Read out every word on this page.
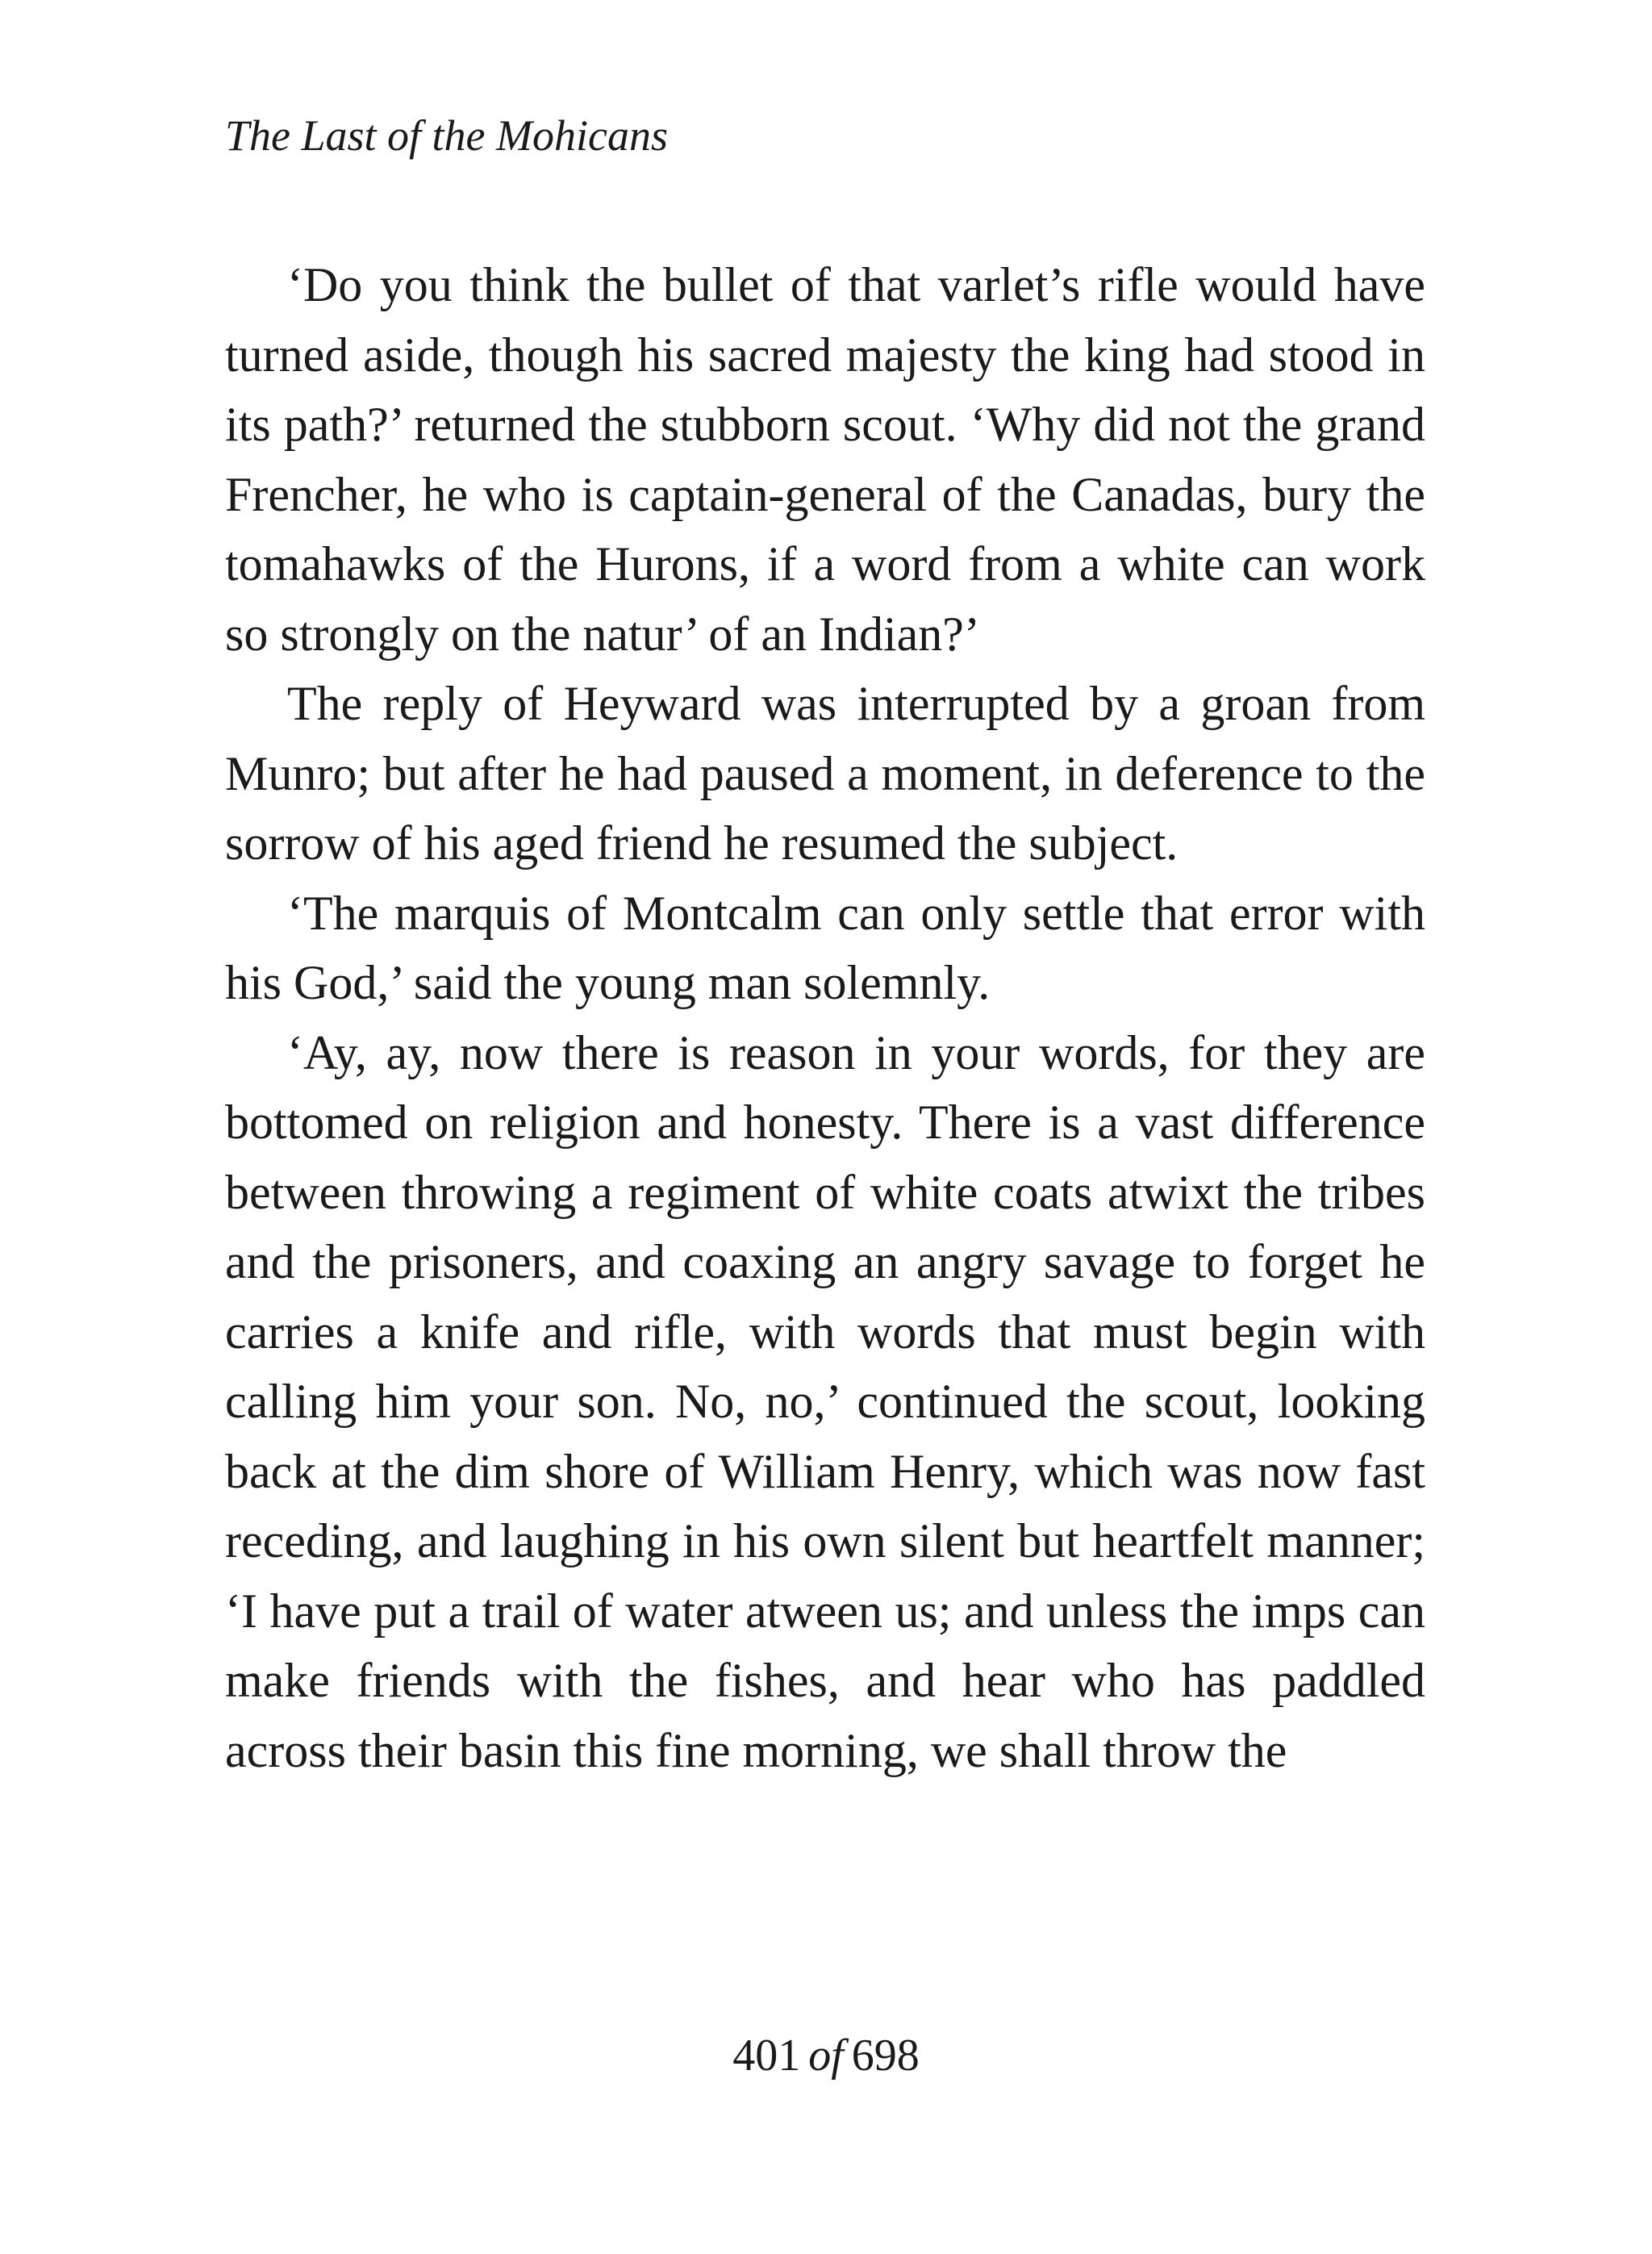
The Last of the Mohicans

‘Do you think the bullet of that varlet’s rifle would have turned aside, though his sacred majesty the king had stood in its path?’ returned the stubborn scout. ‘Why did not the grand Frencher, he who is captain-general of the Canadas, bury the tomahawks of the Hurons, if a word from a white can work so strongly on the natur’ of an Indian?’

The reply of Heyward was interrupted by a groan from Munro; but after he had paused a moment, in deference to the sorrow of his aged friend he resumed the subject.

‘The marquis of Montcalm can only settle that error with his God,’ said the young man solemnly.

‘Ay, ay, now there is reason in your words, for they are bottomed on religion and honesty. There is a vast difference between throwing a regiment of white coats atwixt the tribes and the prisoners, and coaxing an angry savage to forget he carries a knife and rifle, with words that must begin with calling him your son. No, no,’ continued the scout, looking back at the dim shore of William Henry, which was now fast receding, and laughing in his own silent but heartfelt manner; ‘I have put a trail of water atween us; and unless the imps can make friends with the fishes, and hear who has paddled across their basin this fine morning, we shall throw the

401 of 698
